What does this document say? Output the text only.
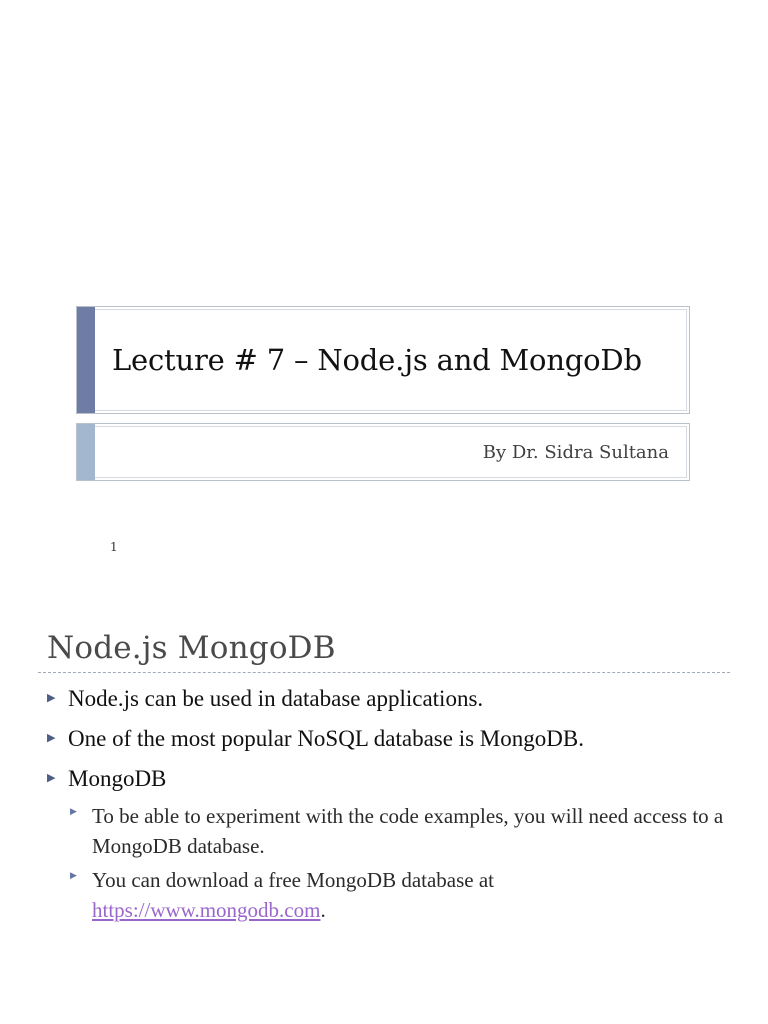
Lecture # 7 – Node.js and MongoDb
By Dr. Sidra Sultana
1
Node.js MongoDB
▶ Node.js can be used in database applications.
▶ One of the most popular NoSQL database is MongoDB.
▶ MongoDB
▶ To be able to experiment with the code examples, you will need access to a MongoDB database.
▶ You can download a free MongoDB database at https://www.mongodb.com.
